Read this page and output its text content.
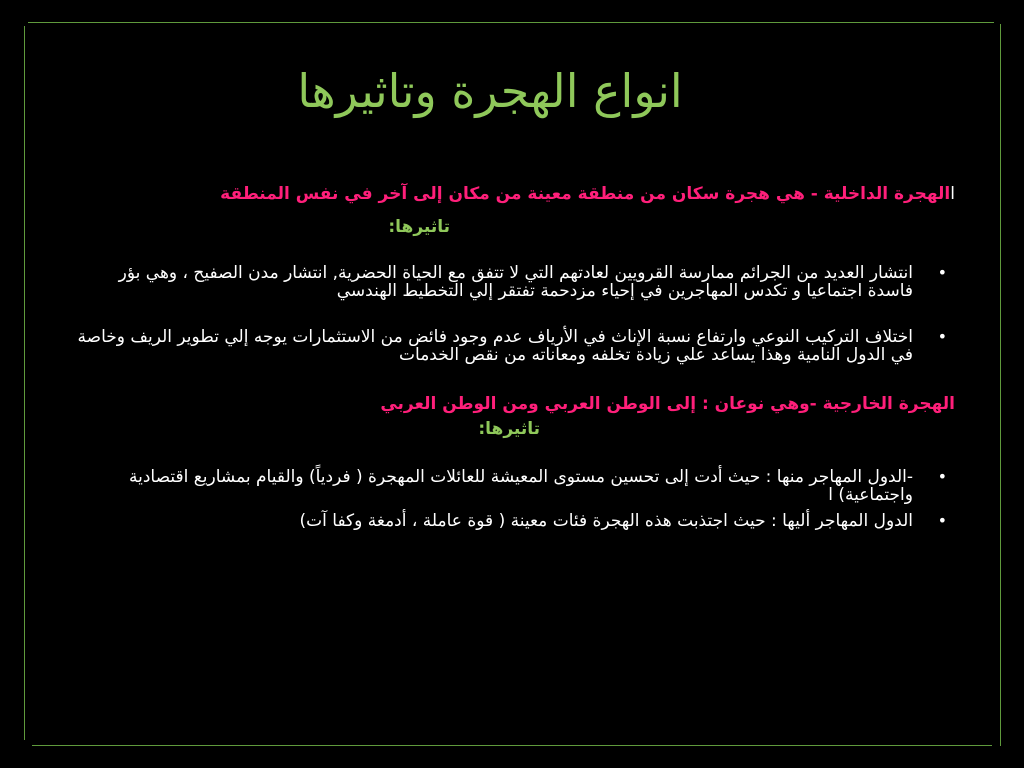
انواع الهجرة وتاثيرها
االهجرة الداخلية - هي هجرة سكان من منطقة معينة من مكان إلى آخر في نفس المنطقة
تاثيرها:
•
انتشار العديد من الجرائم ممارسة القرويين لعادتهم التي لا تتفق مع الحياة الحضرية, انتشار مدن الصفيح ، وهي بؤر فاسدة اجتماعيا و تكدس المهاجرين في إحياء مزدحمة تفتقر إلي التخطيط الهندسي
•
اختلاف التركيب النوعي وارتفاع نسبة الإناث في الأرياف عدم وجود فائض من الاستثمارات يوجه إلي تطوير الريف وخاصة في الدول النامية وهذا يساعد علي زيادة تخلفه ومعاناته من نقص الخدمات
الهجرة الخارجية -وهي نوعان : إلى الوطن العربي ومن الوطن العربي
تاثيرها:
•
-الدول المهاجر منها : حيث أدت إلى تحسين مستوى المعيشة للعائلات المهجرة ( فردياً) والقيام بمشاريع اقتصادية واجتماعية) ا
•
الدول المهاجر أليها : حيث اجتذبت هذه الهجرة فئات معينة ( قوة عاملة ، أدمغة وكفا آت)
